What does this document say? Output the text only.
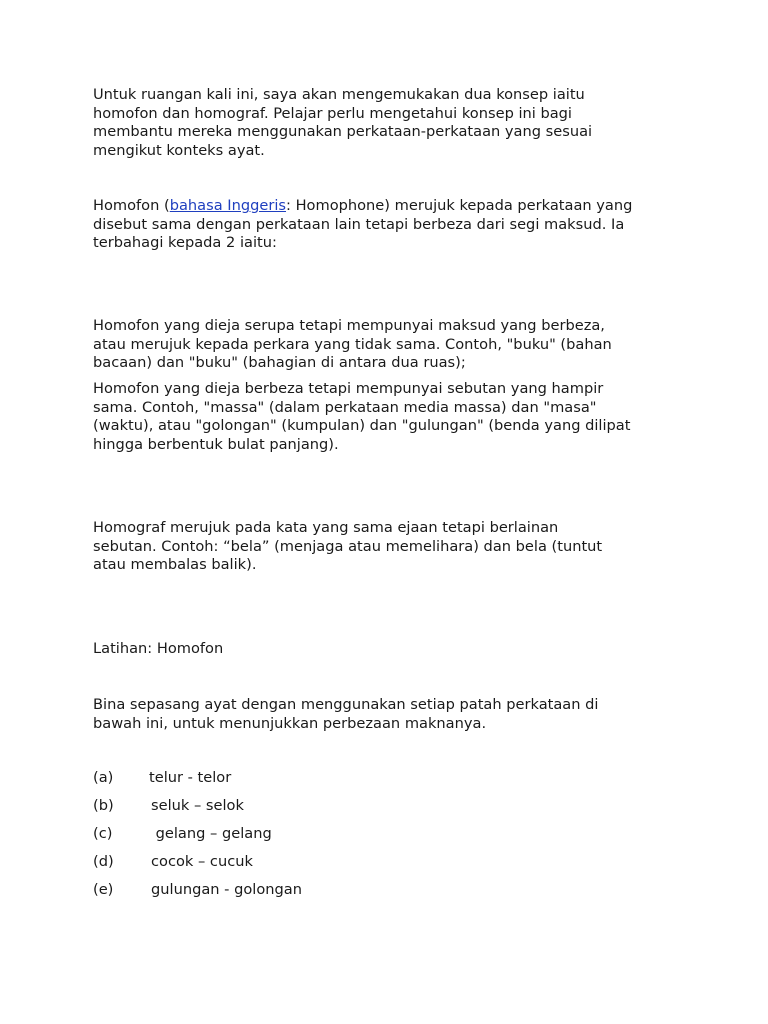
Untuk ruangan kali ini, saya akan mengemukakan dua konsep iaitu
homofon dan homograf. Pelajar perlu mengetahui konsep ini bagi
membantu mereka menggunakan perkataan-perkataan yang sesuai
mengikut konteks ayat.
Homofon (bahasa Inggeris: Homophone) merujuk kepada perkataan yang
disebut sama dengan perkataan lain tetapi berbeza dari segi maksud. Ia
terbahagi kepada 2 iaitu:
Homofon yang dieja serupa tetapi mempunyai maksud yang berbeza,
atau merujuk kepada perkara yang tidak sama. Contoh, "buku" (bahan
bacaan) dan "buku" (bahagian di antara dua ruas);
Homofon yang dieja berbeza tetapi mempunyai sebutan yang hampir
sama. Contoh, "massa" (dalam perkataan media massa) dan "masa"
(waktu), atau "golongan" (kumpulan) dan "gulungan" (benda yang dilipat
hingga berbentuk bulat panjang).
Homograf merujuk pada kata yang sama ejaan tetapi berlainan
sebutan. Contoh: “bela” (menjaga atau memelihara) dan bela (tuntut
atau membalas balik).
Latihan: Homofon
Bina sepasang ayat dengan menggunakan setiap patah perkataan di
bawah ini, untuk menunjukkan perbezaan maknanya.
(a) telur - telor
(b)	seluk – selok
(c)	gelang – gelang
(d)	cocok – cucuk
(e)	gulungan - golongan
